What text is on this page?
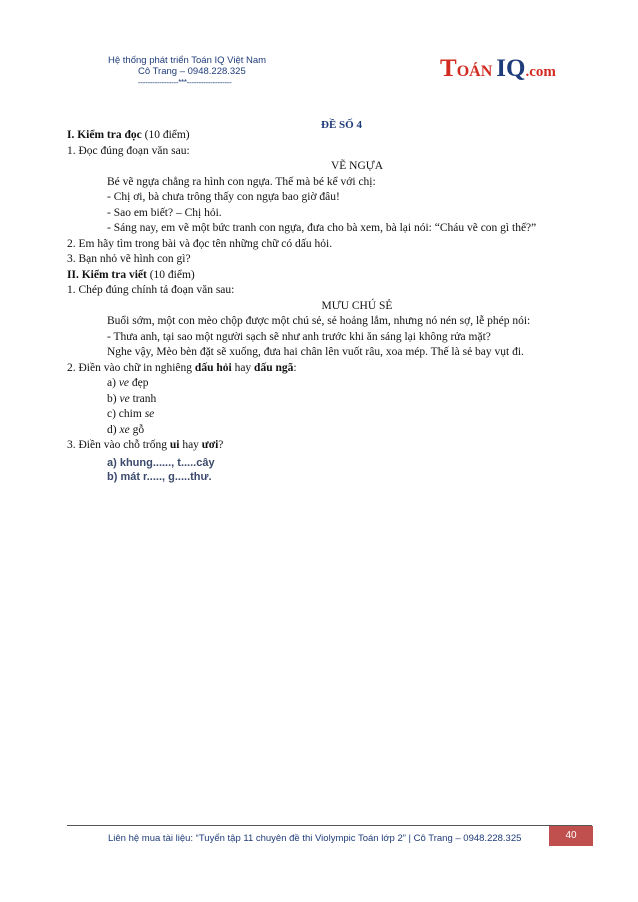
Hệ thống phát triển Toán IQ Việt Nam
Cô Trang – 0948.228.325
-----------------***-------------------
TOÁN IQ.com
ĐỀ SỐ 4

I. Kiểm tra đọc (10 điểm)

1. Đọc đúng đoạn văn sau:

VẼ NGỰA

Bé vẽ ngựa chẳng ra hình con ngựa. Thế mà bé kể với chị:

- Chị ơi, bà chưa trông thấy con ngựa bao giờ đâu!

- Sao em biết? – Chị hỏi.

- Sáng nay, em vẽ một bức tranh con ngựa, đưa cho bà xem, bà lại nói: “Cháu vẽ con gì thế?”

2. Em hãy tìm trong bài và đọc tên những chữ có dấu hỏi.

3. Bạn nhỏ vẽ hình con gì?

II. Kiểm tra viết (10 điểm)

1. Chép đúng chính tả đoạn văn sau:

MƯU CHÚ SẺ

Buổi sớm, một con mèo chộp được một chú sẻ, sẻ hoảng lắm, nhưng nó nén sợ, lễ phép nói:

- Thưa anh, tại sao một người sạch sẽ như anh trước khi ăn sáng lại không rửa mặt?

Nghe vậy, Mèo bèn đặt sẽ xuống, đưa hai chân lên vuốt râu, xoa mép. Thế là sẻ bay vụt đi.

2. Điền vào chữ in nghiêng dấu hỏi hay dấu ngã:

a) ve đẹp

b) ve tranh

c) chim se

d) xe gỗ

3. Điền vào chỗ trống ui hay ươi?

a) khung......, t.....cây
b) mát r....., g.....thư.
Liên hệ mua tài liệu: “Tuyển tập 11 chuyên đề thi Violympic Toán lớp 2” | Cô Trang – 0948.228.325	40
